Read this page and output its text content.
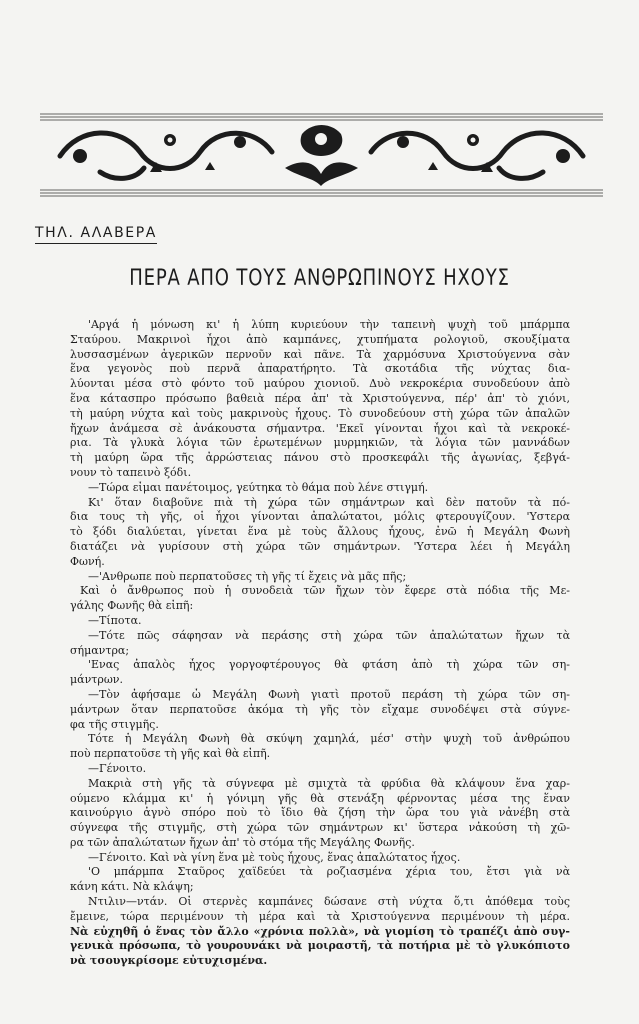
ΤΗΛ. ΑΛΑΒΕΡΑ
ΠΕΡΑ ΑΠΟ ΤΟΥΣ ΑΝΘΡΩΠΙΝΟΥΣ ΗΧΟΥΣ
'Αργά ἡ μόνωση κι' ἡ λύπη κυριεύουν τὴν ταπεινὴ ψυχὴ τοῦ μπάρμπα
Σταύρου. Μακρινοὶ ἦχοι ἀπὸ καμπάνες, χτυπήματα ρολογιοῦ, σκουξίματα
λυσσασμένων ἀγερικῶν περνοῦν καὶ πᾶνε. Τὰ χαρμόσυνα Χριστούγεννα σὰν
ἕνα γεγονὸς ποὺ περνᾶ ἀπαρατήρητο. Τὰ σκοτάδια τῆς νύχτας δια-
λύονται μέσα στὸ φόντο τοῦ μαύρου χιονιοῦ. Δυὸ νεκροκέρια συνοδεύουν ἀπὸ
ἕνα κάτασπρο πρόσωπο βαθειὰ πέρα ἀπ' τὰ Χριστούγεννα, πέρ' ἀπ' τὸ χιόνι,
τὴ μαύρη νύχτα καὶ τοὺς μακρινοὺς ἦχους. Τὸ συνοδεύουν στὴ χώρα τῶν ἀπαλῶν
ἤχων ἀνάμεσα σὲ ἀνάκουστα σήμαντρα. 'Εκεῖ γίνονται ἦχοι καὶ τὰ νεκροκέ-
ρια. Τὰ γλυκὰ λόγια τῶν ἐρωτεμένων μυρμηκιῶν, τὰ λόγια τῶν μαννάδων
τὴ μαύρη ὥρα τῆς ἀρρώστειας πάνου στὸ προσκεφάλι τῆς ἀγωνίας, ξεβγά-
νουν τὸ ταπεινὸ ξόδι.
—Τώρα εἶμαι πανέτοιμος, γεύτηκα τὸ θάμα ποὺ λένε στιγμή.
Κι' ὅταν διαβοῦνε πιὰ τὴ χώρα τῶν σημάντρων καὶ δὲν πατοῦν τὰ πό-
δια τους τὴ γῆς, οἱ ἦχοι γίνονται ἀπαλώτατοι, μόλις φτερουγίζουν. 'Υστερα
τὸ ξόδι διαλύεται, γίνεται ἕνα μὲ τοὺς ἄλλους ἦχους, ἐνῶ ἡ Μεγάλη Φωνὴ
διατάζει νὰ γυρίσουν στὴ χώρα τῶν σημάντρων. 'Υστερα λέει ἡ Μεγάλη
Φωνή.
—'Ανθρωπε ποὺ περπατοῦσες τὴ γῆς τί ἔχεις νὰ μᾶς πῆς;
Καὶ ὁ ἄνθρωπος ποὺ ἡ συνοδειὰ τῶν ἤχων τὸν ἔφερε στὰ πόδια τῆς Με-
γάλης Φωνῆς θὰ εἰπῆ:
—Τίποτα.
—Τότε πῶς σάφησαν νὰ περάσης στὴ χώρα τῶν ἀπαλώτατων ἤχων τὰ
σήμαντρα;
'Ενας ἀπαλὸς ἦχος γοργοφτέρουγος θὰ φτάση ἀπὸ τὴ χώρα τῶν ση-
μάντρων.
—Τὸν ἀφήσαμε ὦ Μεγάλη Φωνὴ γιατὶ προτοῦ περάση τὴ χώρα τῶν ση-
μάντρων ὅταν περπατοῦσε ἀκόμα τὴ γῆς τὸν εἴχαμε συνοδέψει στὰ σύγνε-
φα τῆς στιγμῆς.
Τότε ἡ Μεγάλη Φωνὴ θὰ σκύψη χαμηλά, μέσ' στὴν ψυχὴ τοῦ ἀνθρώπου
ποὺ περπατοῦσε τὴ γῆς καὶ θὰ εἰπῆ.
—Γένοιτο.
Μακριὰ στὴ γῆς τὰ σύγνεφα μὲ σμιχτὰ τὰ φρύδια θὰ κλάψουν ἕνα χαρ-
ούμενο κλάμμα κι' ἡ γόνιμη γῆς θὰ στενάξη φέρνοντας μέσα της ἕναν
καινούργιο ἀγνὸ σπόρο ποὺ τὸ ἴδιο θὰ ζήση τὴν ὥρα του γιὰ νἀνέβη στὰ
σύγνεφα τῆς στιγμῆς, στὴ χώρα τῶν σημάντρων κι' ὕστερα νἀκούση τὴ χῶ-
ρα τῶν ἀπαλώτατων ἤχων ἀπ' τὸ στόμα τῆς Μεγάλης Φωνῆς.
—Γένοιτο. Καὶ νὰ γίνη ἕνα μὲ τοὺς ἦχους, ἕνας ἀπαλώτατος ἦχος.
'Ο μπάρμπα Σταῦρος χαϊδεύει τὰ ροζιασμένα χέρια του, ἔτσι γιὰ νὰ
κάνη κάτι. Νὰ κλάψη;
Ντιλιν—ντάν. Οἱ στερνὲς καμπάνες δώσανε στὴ νύχτα ὅ,τι ἀπόθεμα τοὺς
ἔμεινε, τώρα περιμένουν τὴ μέρα καὶ τὰ Χριστούγεννα περιμένουν τὴ μέρα.
Νὰ εὐχηθῆ ὁ ἕνας τὸν ἄλλο «χρόνια πολλὰ», νὰ γιομίση τὸ τραπέζι ἀπὸ συγ-
γενικὰ πρόσωπα, τὸ γουρουνάκι νὰ μοιραστῆ, τὰ ποτήρια μὲ τὸ γλυκόπιοτο
νὰ τσουγκρίσομε εὐτυχισμένα.
